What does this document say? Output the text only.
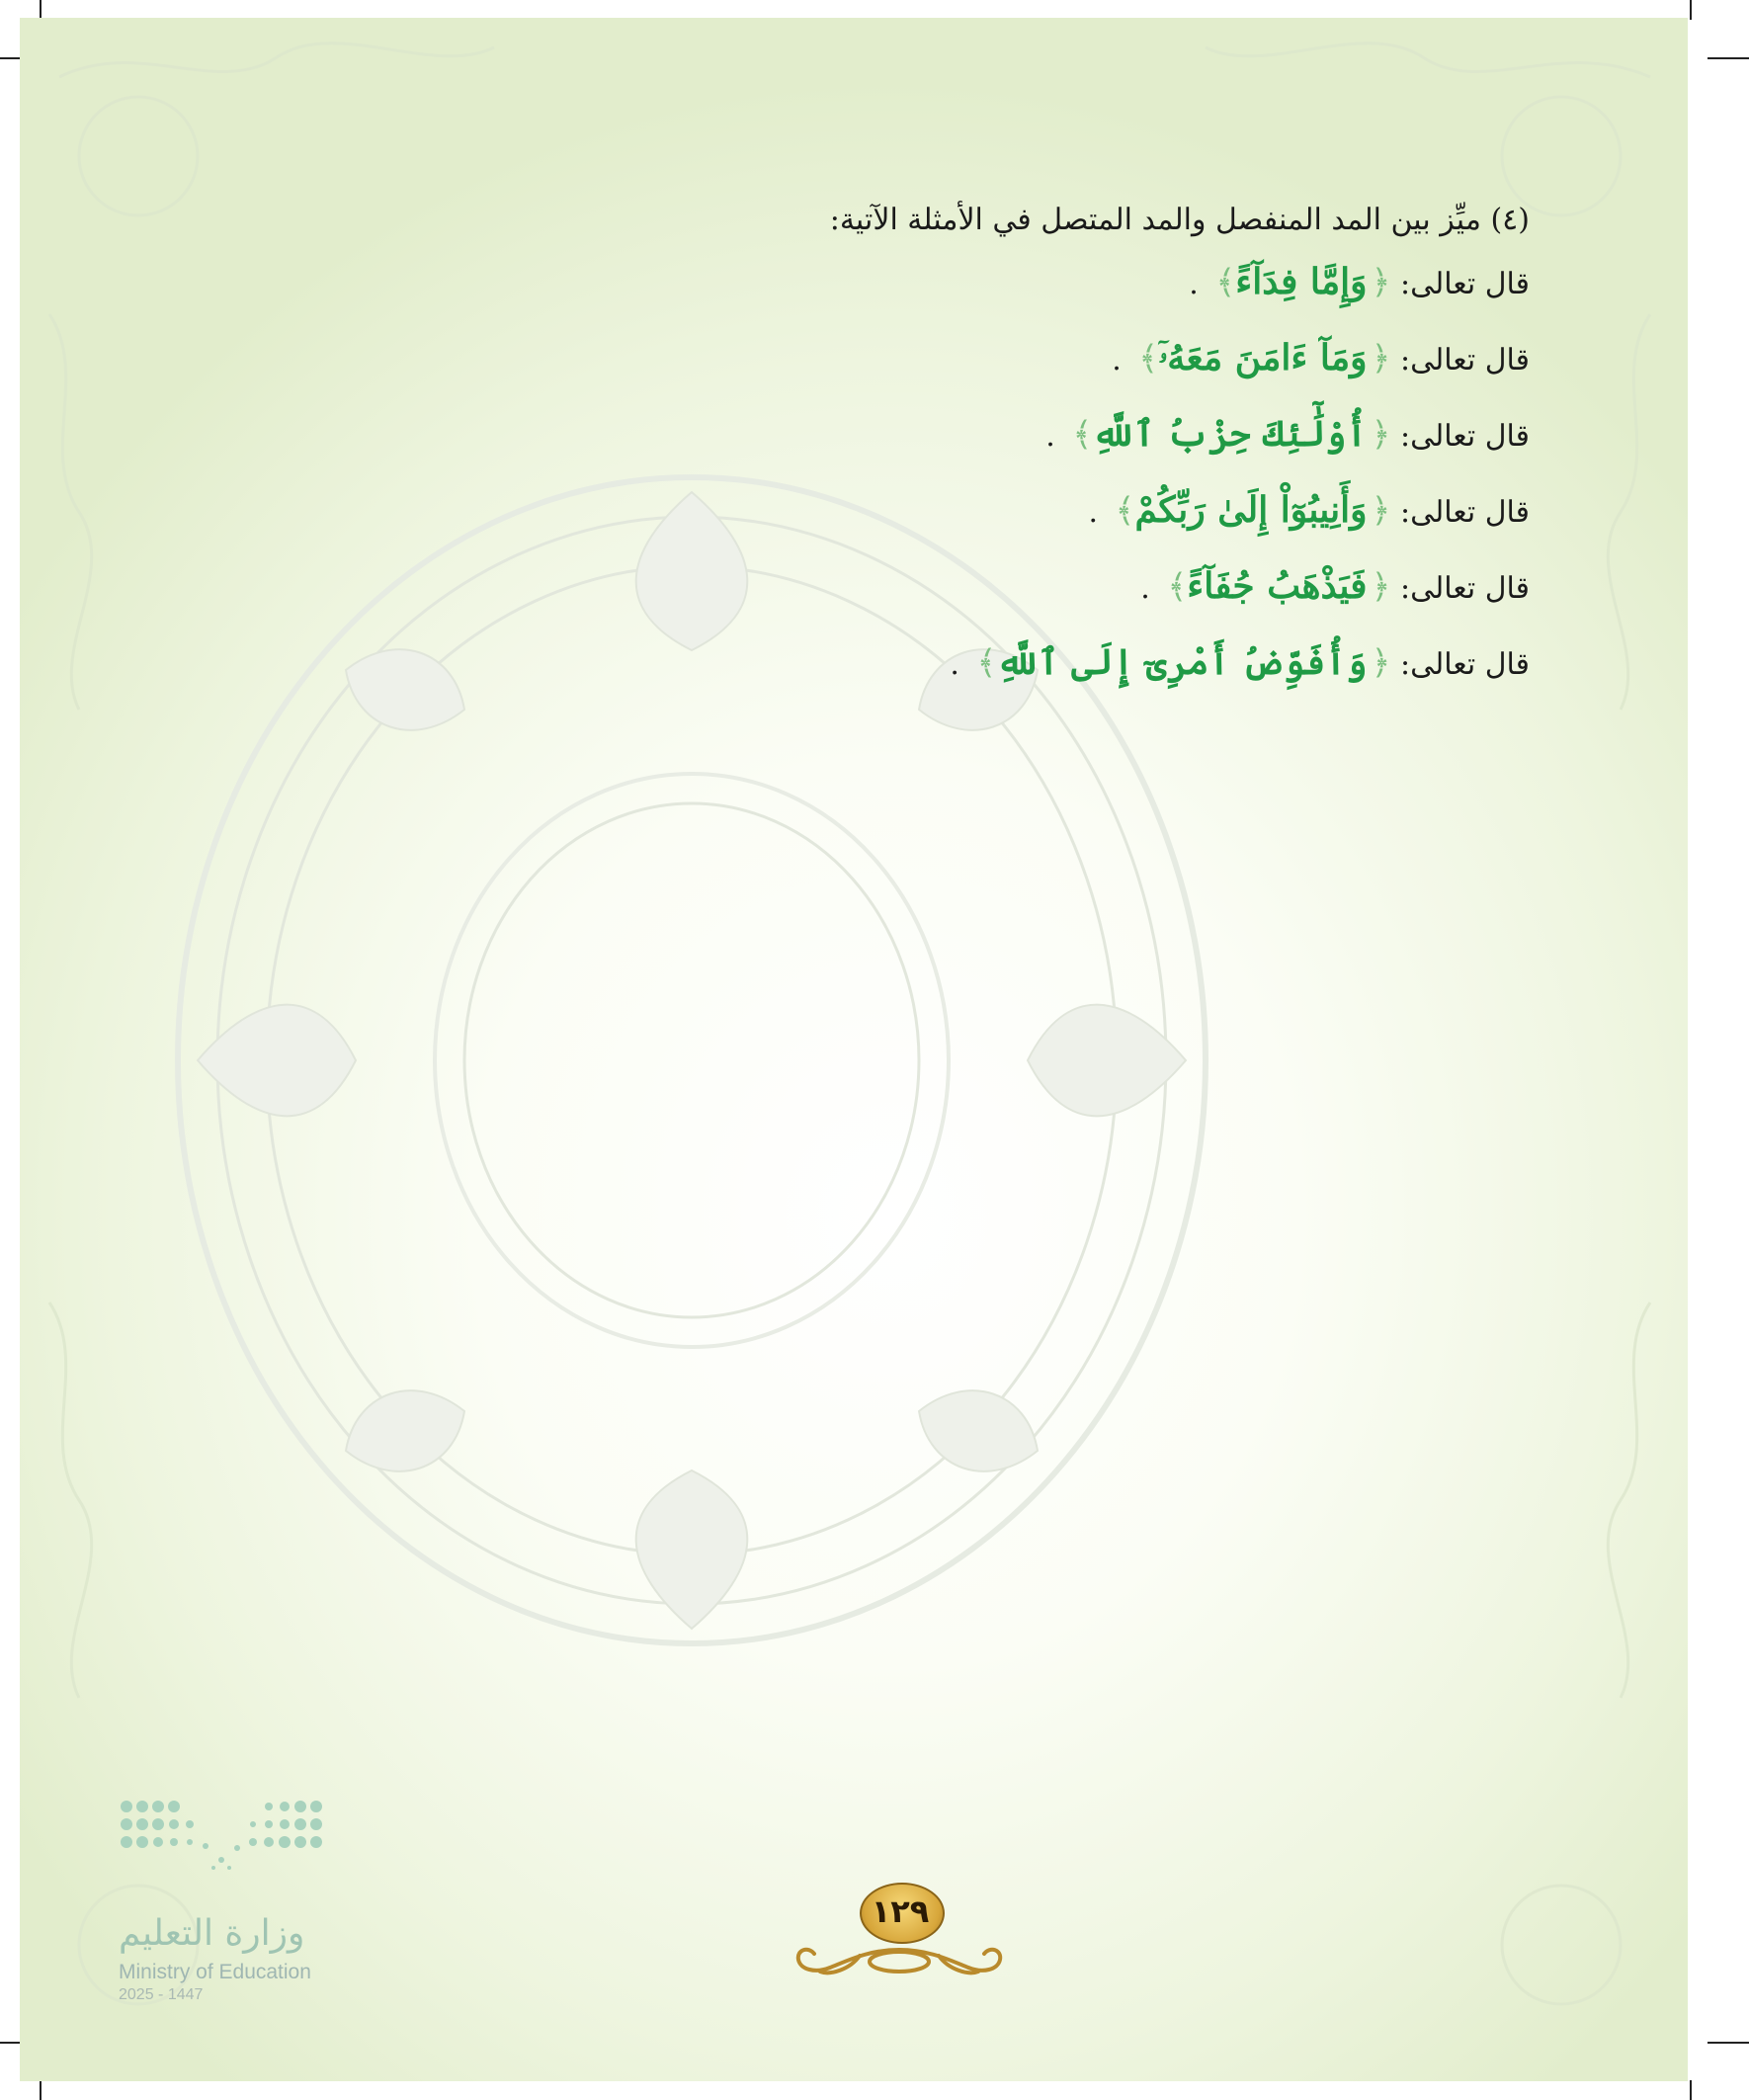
(٤) ميِّز بين المد المنفصل والمد المتصل في الأمثلة الآتية:
قال تعالى: ﴿وَإِمَّا فِدَآءً﴾ .
قال تعالى: ﴿وَمَآ ءَامَنَ مَعَهُۥٓ﴾ .
قال تعالى: ﴿أُوْلَٰٓئِكَ حِزْبُ ٱللَّهِ﴾ .
قال تعالى: ﴿وَأَنِيبُوٓاْ إِلَىٰ رَبِّكُمْ﴾ .
قال تعالى: ﴿فَيَذْهَبُ جُفَآءً﴾ .
قال تعالى: ﴿وَأُفَوِّضُ أَمْرِىٓ إِلَى ٱللَّهِ﴾ .
وزارة التعليم
Ministry of Education
2025 - 1447
١٢٩
